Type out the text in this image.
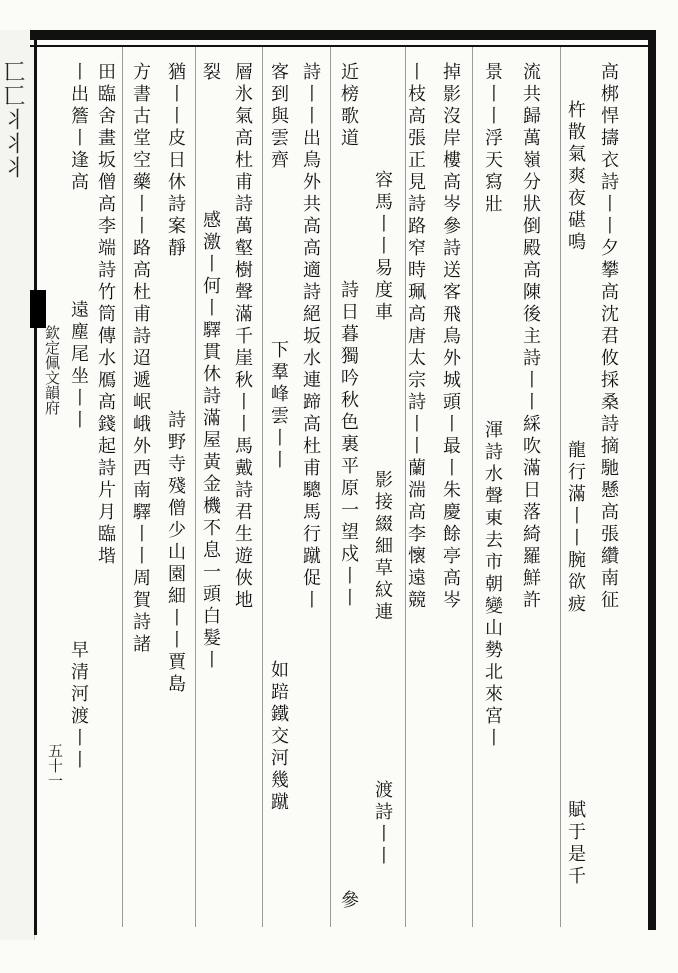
匸匸丬丬丬
欽定佩文韻府
五十一
高梆悍擣衣詩丨丨夕攀高沈君攸採桑詩摘馳懸高張纘南征
杵散氣爽夜碪鳴
龍行滿丨丨腕欲疲
賦于是千
流共歸萬嶺分狀倒殿高陳後主詩丨丨綵吹滿日落綺羅鮮許
景丨丨浮天寫壯
渾詩水聲東去市朝變山勢北來宮丨
掉影沒岸樓高岑參詩送客飛鳥外城頭丨最丨朱慶餘亭高岑
丨枝高張正見詩路窄時珮高唐太宗詩丨丨蘭湍高李懷遠競
容馬丨丨易度車
影接綴細草紋連
渡詩丨丨
近榜歌道
詩日暮獨吟秋色裏平原一望戍丨丨
參
詩丨丨出鳥外共高高適詩絕坂水連蹄高杜甫驄馬行蹴促丨
下羣峰雲丨丨
如踣鐵交河幾蹴
客到與雲齊
層氷氣高杜甫詩萬壑樹聲滿千崖秋丨丨馬戴詩君生遊俠地
裂
感激丨何丨驛貫休詩滿屋黃金機不息一頭白髮丨
猶丨丨皮日休詩案靜
方書古堂空藥丨丨路高杜甫詩迢遞岷峨外西南驛丨丨周賀詩諸 詩野寺殘僧少山園細丨丨賈島
田臨舍畫坂僧高李端詩竹筒傳水鴈高錢起詩片月臨堦
遠塵尾坐丨丨
早清河渡丨丨
丨出簷丨逢高
